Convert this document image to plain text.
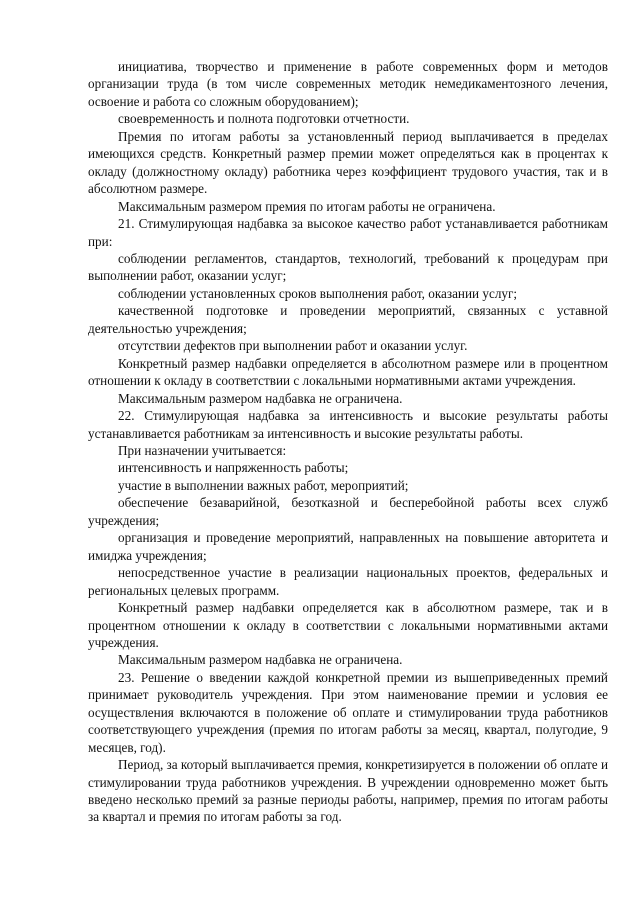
инициатива, творчество и применение в работе современных форм и методов организации труда (в том числе современных методик немедикаментозного лечения, освоение и работа со сложным оборудованием);

своевременность и полнота подготовки отчетности.

Премия по итогам работы за установленный период выплачивается в пределах имеющихся средств. Конкретный размер премии может определяться как в процентах к окладу (должностному окладу) работника через коэффициент трудового участия, так и в абсолютном размере.

Максимальным размером премия по итогам работы не ограничена.

21. Стимулирующая надбавка за высокое качество работ устанавливается работникам при:

соблюдении регламентов, стандартов, технологий, требований к процедурам при выполнении работ, оказании услуг;

соблюдении установленных сроков выполнения работ, оказании услуг;

качественной подготовке и проведении мероприятий, связанных с уставной деятельностью учреждения;

отсутствии дефектов при выполнении работ и оказании услуг.

Конкретный размер надбавки определяется в абсолютном размере или в процентном отношении к окладу в соответствии с локальными нормативными актами учреждения.

Максимальным размером надбавка не ограничена.

22. Стимулирующая надбавка за интенсивность и высокие результаты работы устанавливается работникам за интенсивность и высокие результаты работы.

При назначении учитывается:

интенсивность и напряженность работы;

участие в выполнении важных работ, мероприятий;

обеспечение безаварийной, безотказной и бесперебойной работы всех служб учреждения;

организация и проведение мероприятий, направленных на повышение авторитета и имиджа учреждения;

непосредственное участие в реализации национальных проектов, федеральных и региональных целевых программ.

Конкретный размер надбавки определяется как в абсолютном размере, так и в процентном отношении к окладу в соответствии с локальными нормативными актами учреждения.

Максимальным размером надбавка не ограничена.

23. Решение о введении каждой конкретной премии из вышеприведенных премий принимает руководитель учреждения. При этом наименование премии и условия ее осуществления включаются в положение об оплате и стимулировании труда работников соответствующего учреждения (премия по итогам работы за месяц, квартал, полугодие, 9 месяцев, год).

Период, за который выплачивается премия, конкретизируется в положении об оплате и стимулировании труда работников учреждения. В учреждении одновременно может быть введено несколько премий за разные периоды работы, например, премия по итогам работы за квартал и премия по итогам работы за год.
